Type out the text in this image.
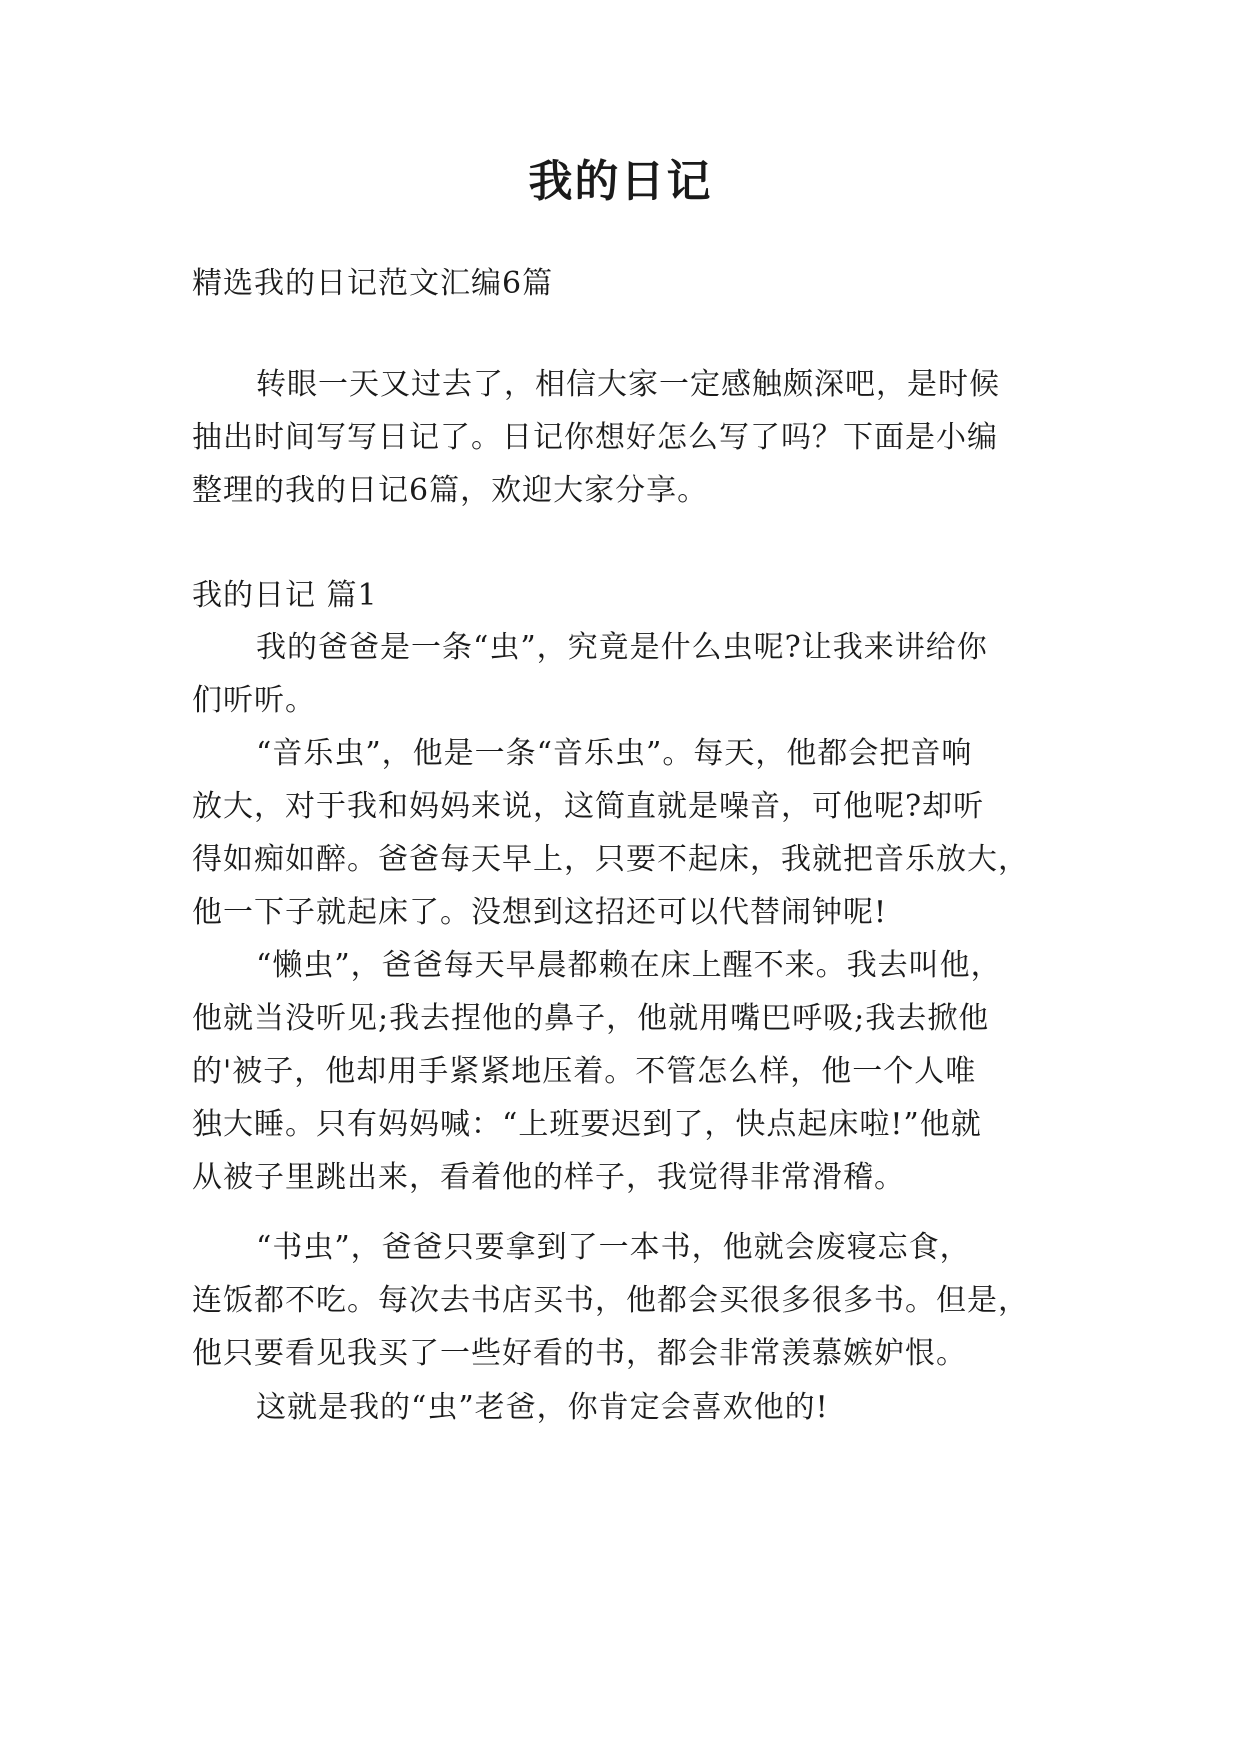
我的日记

精选我的日记范文汇编6篇

转眼一天又过去了，相信大家一定感触颇深吧，是时候

抽出时间写写日记了。日记你想好怎么写了吗？下面是小编

整理的我的日记6篇，欢迎大家分享。

我的日记 篇1

我的爸爸是一条“虫”，究竟是什么虫呢?让我来讲给你

们听听。

“音乐虫”，他是一条“音乐虫”。每天，他都会把音响

放大，对于我和妈妈来说，这简直就是噪音，可他呢?却听

得如痴如醉。爸爸每天早上，只要不起床，我就把音乐放大，

他一下子就起床了。没想到这招还可以代替闹钟呢!

“懒虫”，爸爸每天早晨都赖在床上醒不来。我去叫他，

他就当没听见;我去捏他的鼻子，他就用嘴巴呼吸;我去掀他

的'被子，他却用手紧紧地压着。不管怎么样，他一个人唯

独大睡。只有妈妈喊：“上班要迟到了，快点起床啦!”他就

从被子里跳出来，看着他的样子，我觉得非常滑稽。

“书虫”，爸爸只要拿到了一本书，他就会废寝忘食，

连饭都不吃。每次去书店买书，他都会买很多很多书。但是，

他只要看见我买了一些好看的书，都会非常羡慕嫉妒恨。

这就是我的“虫”老爸，你肯定会喜欢他的!
